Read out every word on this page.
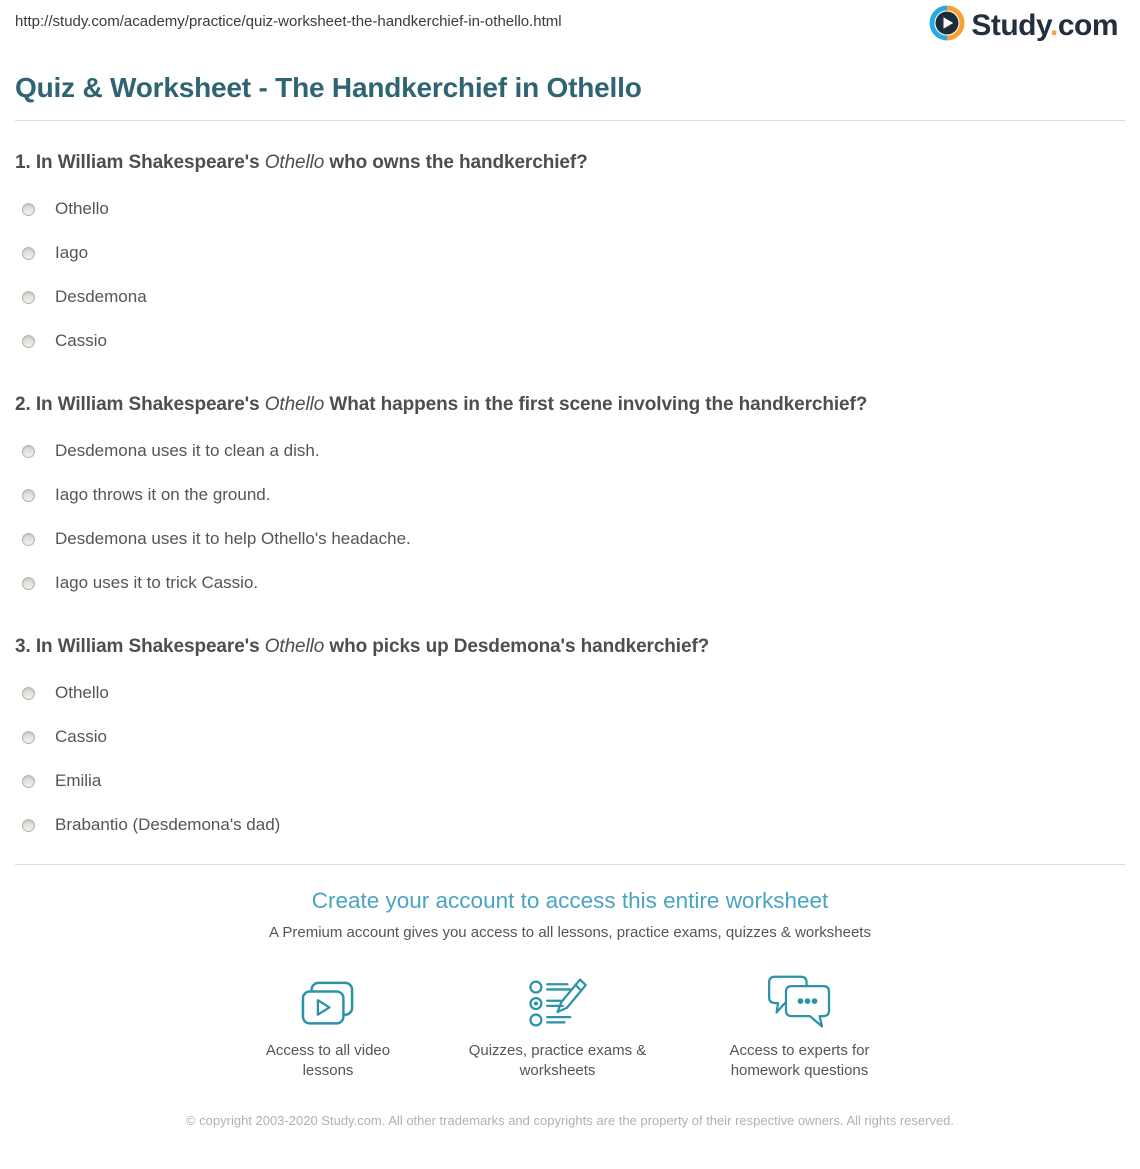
http://study.com/academy/practice/quiz-worksheet-the-handkerchief-in-othello.html	Study.com
Quiz & Worksheet - The Handkerchief in Othello
1. In William Shakespeare's Othello who owns the handkerchief?
Othello
Iago
Desdemona
Cassio
2. In William Shakespeare's Othello What happens in the first scene involving the handkerchief?
Desdemona uses it to clean a dish.
Iago throws it on the ground.
Desdemona uses it to help Othello's headache.
Iago uses it to trick Cassio.
3. In William Shakespeare's Othello who picks up Desdemona's handkerchief?
Othello
Cassio
Emilia
Brabantio (Desdemona's dad)
Create your account to access this entire worksheet
A Premium account gives you access to all lessons, practice exams, quizzes & worksheets
Access to all video lessons
Quizzes, practice exams & worksheets
Access to experts for homework questions
© copyright 2003-2020 Study.com. All other trademarks and copyrights are the property of their respective owners. All rights reserved.
